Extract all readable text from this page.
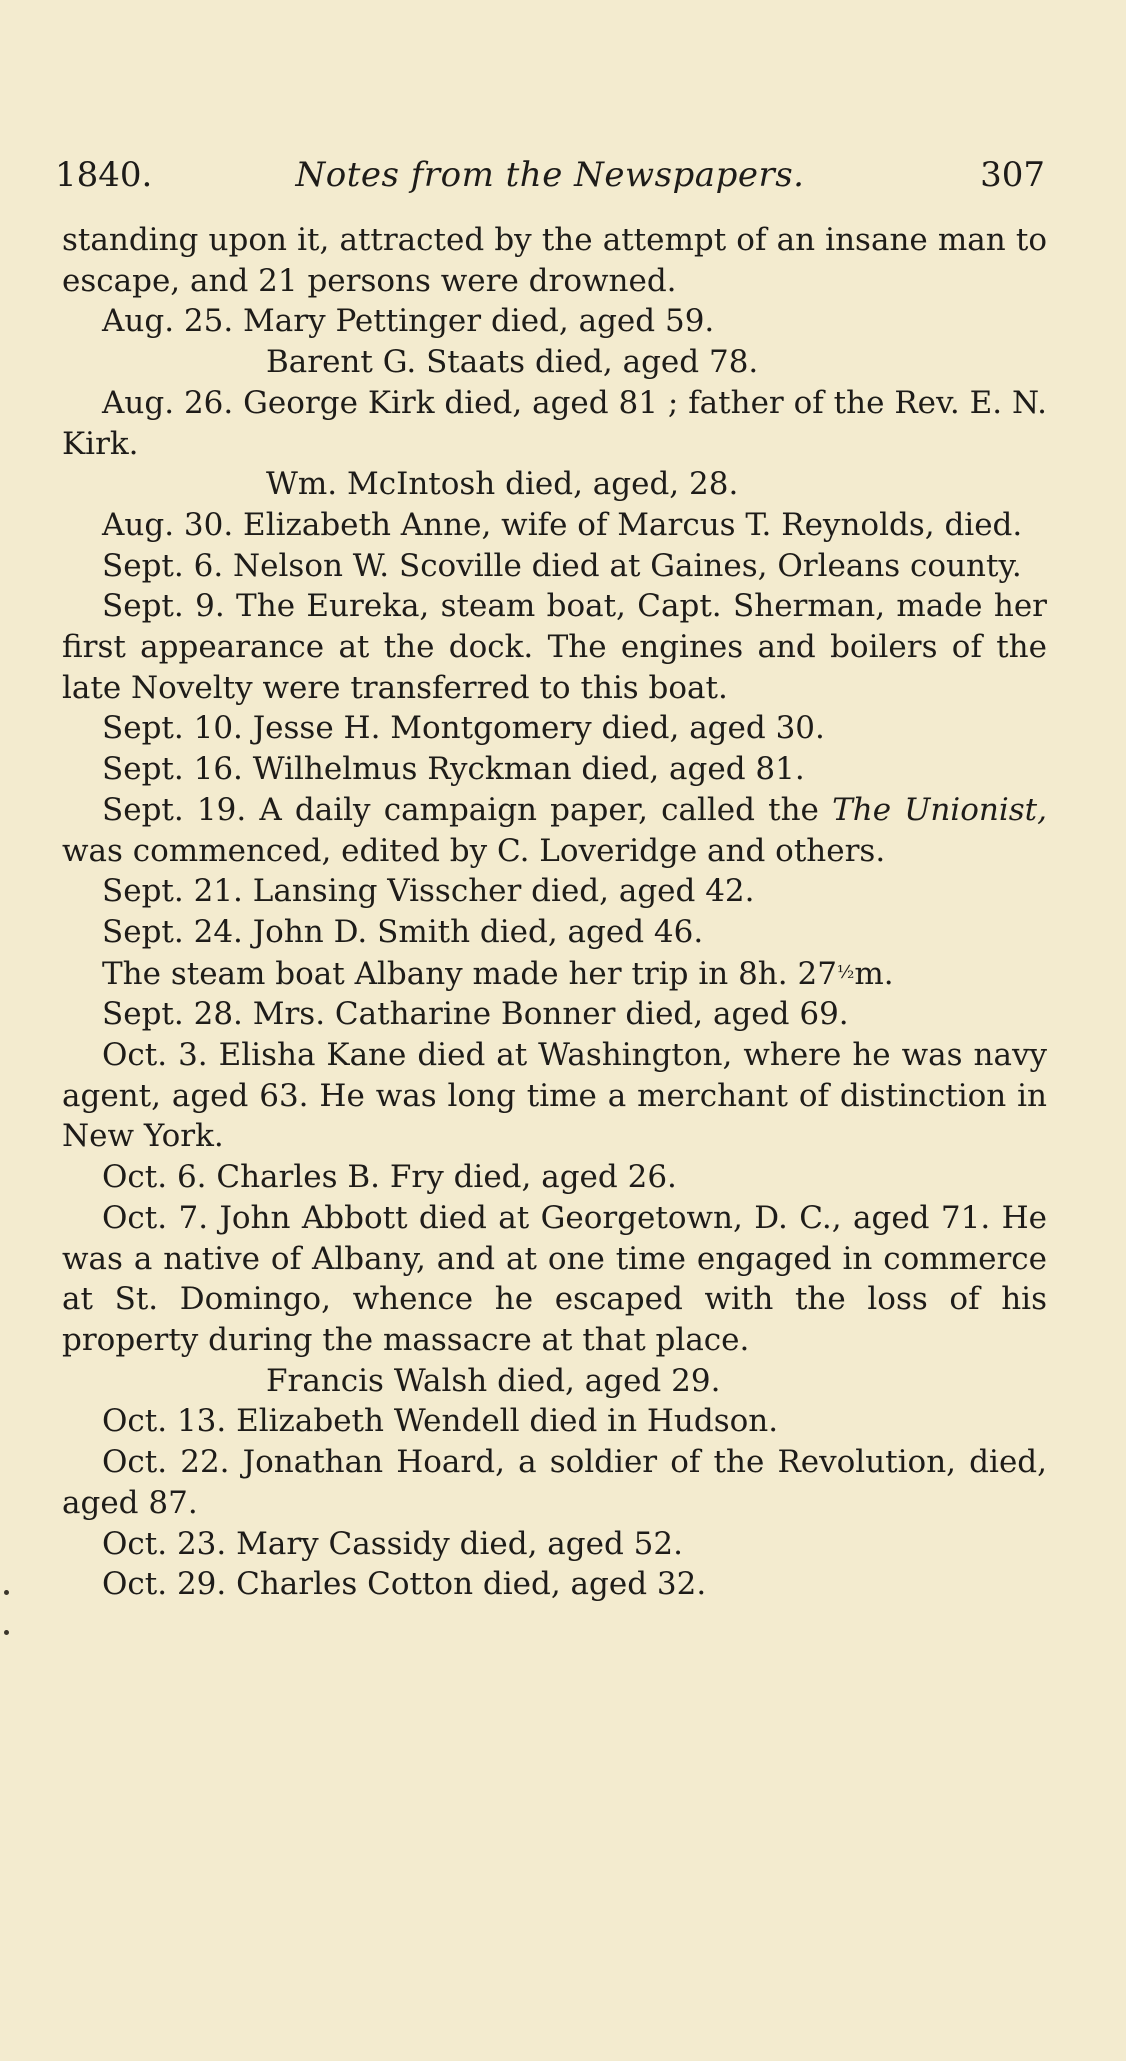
1840.	Notes from the Newspapers.	307

standing upon it, attracted by the attempt of an insane man to escape, and 21 persons were drowned.

Aug. 25. Mary Pettinger died, aged 59.

Barent G. Staats died, aged 78.

Aug. 26. George Kirk died, aged 81 ; father of the Rev. E. N. Kirk.

Wm. McIntosh died, aged, 28.

Aug. 30. Elizabeth Anne, wife of Marcus T. Reynolds, died.

Sept. 6. Nelson W. Scoville died at Gaines, Orleans county.

Sept. 9. The Eureka, steam boat, Capt. Sherman, made her first appearance at the dock. The engines and boilers of the late Novelty were transferred to this boat.

Sept. 10. Jesse H. Montgomery died, aged 30.

Sept. 16. Wilhelmus Ryckman died, aged 81.

Sept. 19. A daily campaign paper, called the The Unionist, was commenced, edited by C. Loveridge and others.

Sept. 21. Lansing Visscher died, aged 42.

Sept. 24. John D. Smith died, aged 46.

The steam boat Albany made her trip in 8h. 27½m.

Sept. 28. Mrs. Catharine Bonner died, aged 69.

Oct. 3. Elisha Kane died at Washington, where he was navy agent, aged 63. He was long time a merchant of distinction in New York.

Oct. 6. Charles B. Fry died, aged 26.

Oct. 7. John Abbott died at Georgetown, D. C., aged 71. He was a native of Albany, and at one time engaged in commerce at St. Domingo, whence he escaped with the loss of his property during the massacre at that place.

Francis Walsh died, aged 29.

Oct. 13. Elizabeth Wendell died in Hudson.

Oct. 22. Jonathan Hoard, a soldier of the Revolution, died, aged 87.

Oct. 23. Mary Cassidy died, aged 52.

Oct. 29. Charles Cotton died, aged 32.
